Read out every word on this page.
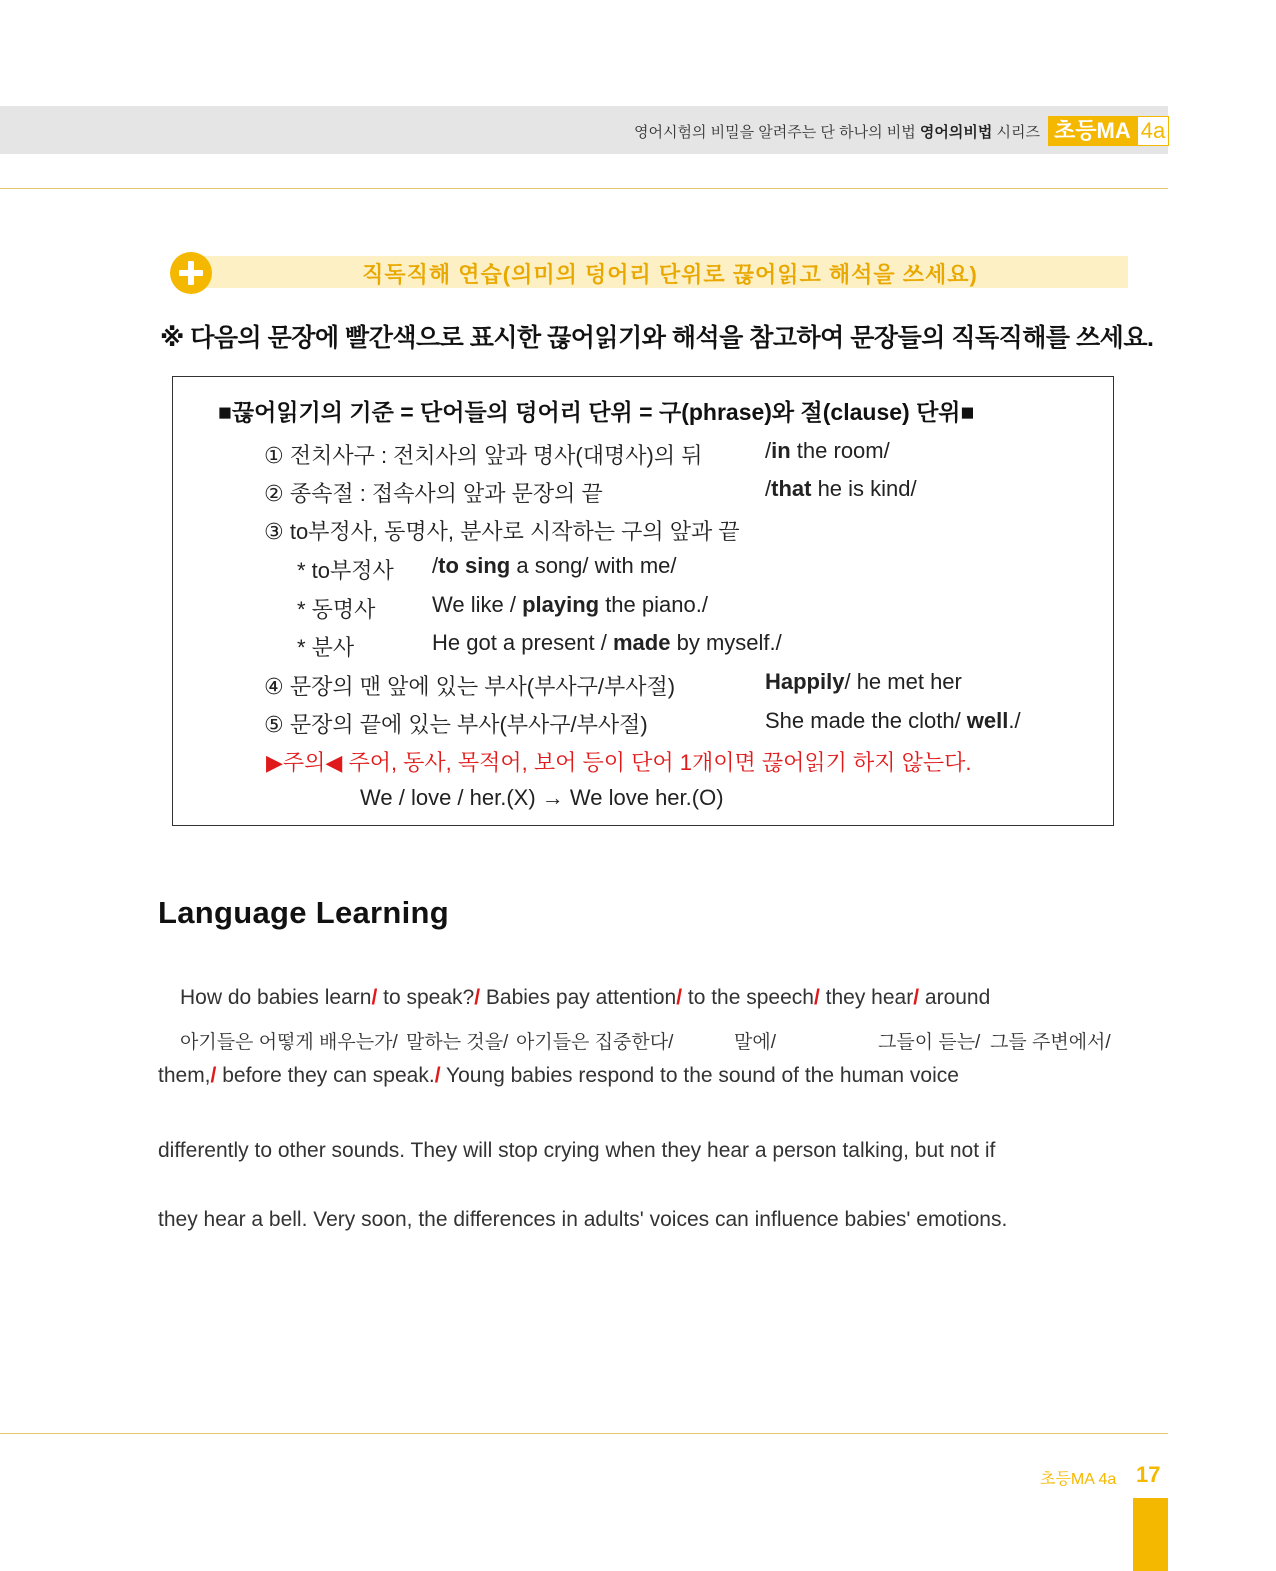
영어시험의 비밀을 알려주는 단 하나의 비법 영어의비법 시리즈 초등MA 4a
직독직해 연습(의미의 덩어리 단위로 끊어읽고 해석을 쓰세요)
※ 다음의 문장에 빨간색으로 표시한 끊어읽기와 해석을 참고하여 문장들의 직독직해를 쓰세요.
■끊어읽기의 기준 = 단어들의 덩어리 단위 = 구(phrase)와 절(clause) 단위■
① 전치사구 : 전치사의 앞과 명사(대명사)의 뒤	/in the room/
② 종속절 : 접속사의 앞과 문장의 끝	/that he is kind/
③ to부정사, 동명사, 분사로 시작하는 구의 앞과 끝
* to부정사 /to sing a song/ with me/
* 동명사	We like / playing the piano./
* 분사	He got a present / made by myself./
④ 문장의 맨 앞에 있는 부사(부사구/부사절)	Happily/ he met her
⑤ 문장의 끝에 있는 부사(부사구/부사절)	She made the cloth/ well./
▶주의◀ 주어, 동사, 목적어, 보어 등이 단어 1개이면 끊어읽기 하지 않는다.
We / love / her.(X) → We love her.(O)
Language Learning
How do babies learn/ to speak?/ Babies pay attention/ to the speech/ they hear/ around
아기들은 어떻게 배우는가/ 말하는 것을/ 아기들은 집중한다/	말에/	그들이 듣는/ 그들 주변에서/
them,/ before they can speak./ Young babies respond to the sound of the human voice
differently to other sounds. They will stop crying when they hear a person talking, but not if
they hear a bell. Very soon, the differences in adults' voices can influence babies' emotions.
초등MA 4a 17
